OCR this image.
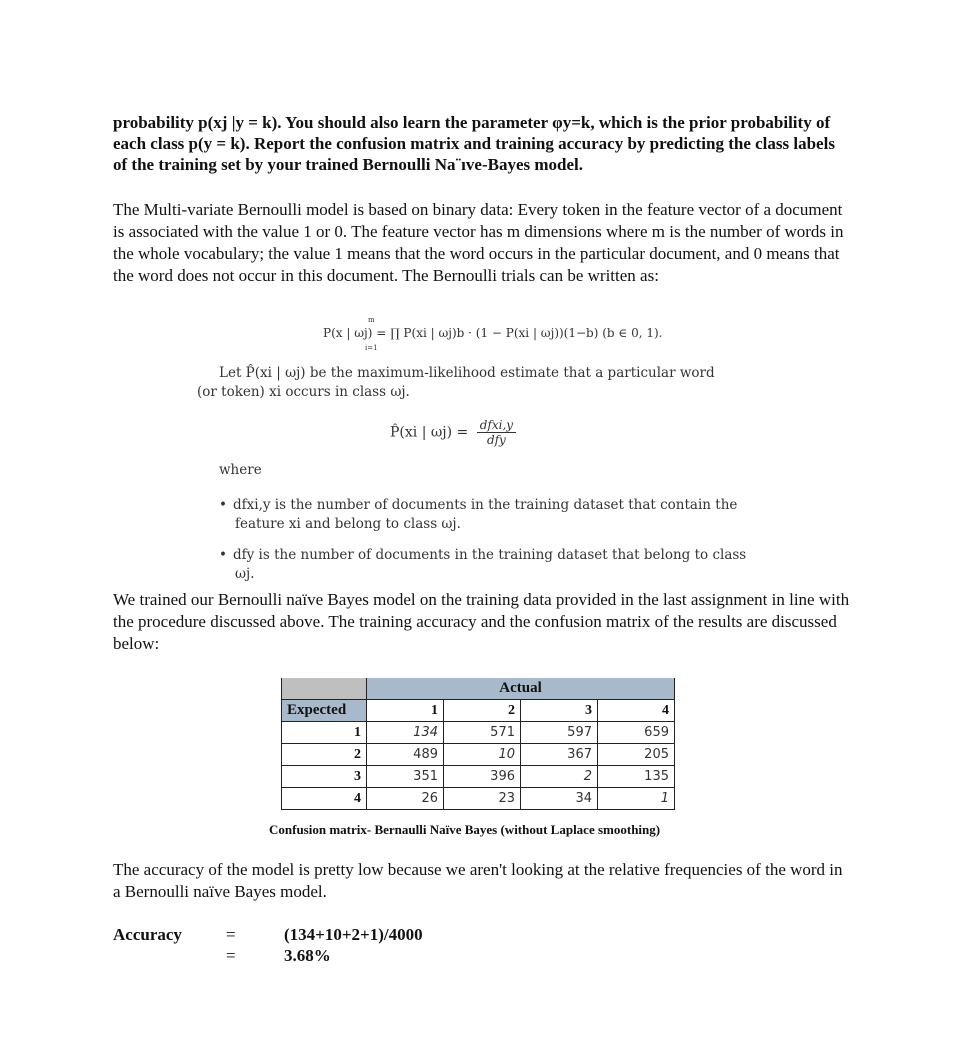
probability p(xj |y = k). You should also learn the parameter φy=k, which is the prior probability of each class p(y = k). Report the confusion matrix and training accuracy by predicting the class labels of the training set by your trained Bernoulli Na¨ıve-Bayes model.

The Multi-variate Bernoulli model is based on binary data: Every token in the feature vector of a document is associated with the value 1 or 0. The feature vector has m dimensions where m is the number of words in the whole vocabulary; the value 1 means that the word occurs in the particular document, and 0 means that the word does not occur in this document. The Bernoulli trials can be written as:

We trained our Bernoulli naïve Bayes model on the training data provided in the last assignment in line with the procedure discussed above. The training accuracy and the confusion matrix of the results are discussed below:

The accuracy of the model is pretty low because we aren't looking at the relative frequencies of the word in a Bernoulli naïve Bayes model.

P(x | ωj) = ∏ P(xi | ωj)b · (1 − P(xi | ωj))(1−b) (b ∈ 0, 1).
m
i=1
Let P̂(xi | ωj) be the maximum-likelihood estimate that a particular word
(or token) xi occurs in class ωj.
P̂(xi | $\omega j) = \frac{\text{dfxi,y}}{\text{dfy}}$
where
• dfxi,y is the number of documents in the training dataset that contain the
feature xi and belong to class ωj.
• dfy is the number of documents in the training dataset that belong to class
ωj.
	Actual			
Expected	1	2	3	4
1	134	571	597	659
2	489	10	367	205
3	351	396	2	135
4	26	23	34	1
Confusion matrix- Bernaulli Naïve Bayes (without Laplace smoothing)
Accuracy	=	(134+10+2+1)/4000
=	3.68%
